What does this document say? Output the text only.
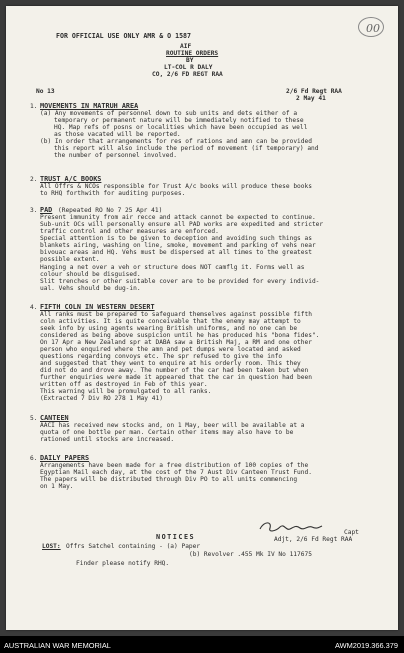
FOR OFFICIAL USE ONLY AMR & O 1587
AIF
ROUTINE ORDERS
BY
LT-COL R DALY
CO, 2/6 FD REGT RAA
00
No 13	2/6 Fd Regt RAA
2 May 41
1. MOVEMENTS IN MATRUH AREA
(a) Any movements of personnel down to sub units and dets either of a
temporary or permanent nature will be immediately notified to these
HQ. Map refs of posns or localities which have been occupied as well
as those vacated will be reported.
(b) In order that arrangements for res of rations and amn can be provided
this report will also include the period of movement (if temporary) and
the number of personnel involved.
2. TRUST A/C BOOKS
All Offrs & NCOs responsible for Trust A/c books will produce these books
to RHQ forthwith for auditing purposes.
3. PAD (Repeated RO No 7 25 Apr 41)
Present immunity from air recce and attack cannot be expected to continue.
Sub-unit OCs will personally ensure all PAD works are expedited and stricter
traffic control and other measures are enforced.
Special attention is to be given to deception and avoiding such things as
blankets airing, washing on line, smoke, movement and parking of vehs near
bivouac areas and HQ. Vehs must be dispersed at all times to the greatest
possible extent.
Hanging a net over a veh or structure does NOT camflg it. Forms well as
colour should be disguised.
Slit trenches or other suitable cover are to be provided for every individ-
ual. Vehs should be dug-in.
4. FIFTH COLN IN WESTERN DESERT
All ranks must be prepared to safeguard themselves against possible fifth
coln activities. It is quite conceivable that the enemy may attempt to
seek info by using agents wearing British uniforms, and no one can be
considered as being above suspicion until he has produced his "bona fides".
On 17 Apr a New Zealand spr at DABA saw a British Maj, a RM and one other
person who enquired where the amn and pet dumps were located and asked
questions regarding convoys etc. The spr refused to give the info
and suggested that they went to enquire at his orderly room. This they
did not do and drove away. The number of the car had been taken but when
further enquiries were made it appeared that the car in question had been
written off as destroyed in Feb of this year.
This warning will be promulgated to all ranks.
(Extracted 7 Div RO 278 1 May 41)
5. CANTEEN
AACI has received new stocks and, on 1 May, beer will be available at a
quota of one bottle per man. Certain other items may also have to be
rationed until stocks are increased.
6. DAILY PAPERS
Arrangements have been made for a free distribution of 100 copies of the
Egyptian Mail each day, at the cost of the 7 Aust Div Canteen Trust Fund.
The papers will be distributed through Div PO to all units commencing
on 1 May.
Capt
Adjt, 2/6 Fd Regt RAA
NOTICES
LOST: Offrs Satchel containing - (a) Paper
(b) Revolver .455 Mk IV No 117675
Finder please notify RHQ.
AUSTRALIAN WAR MEMORIAL	AWM2019.366.379
